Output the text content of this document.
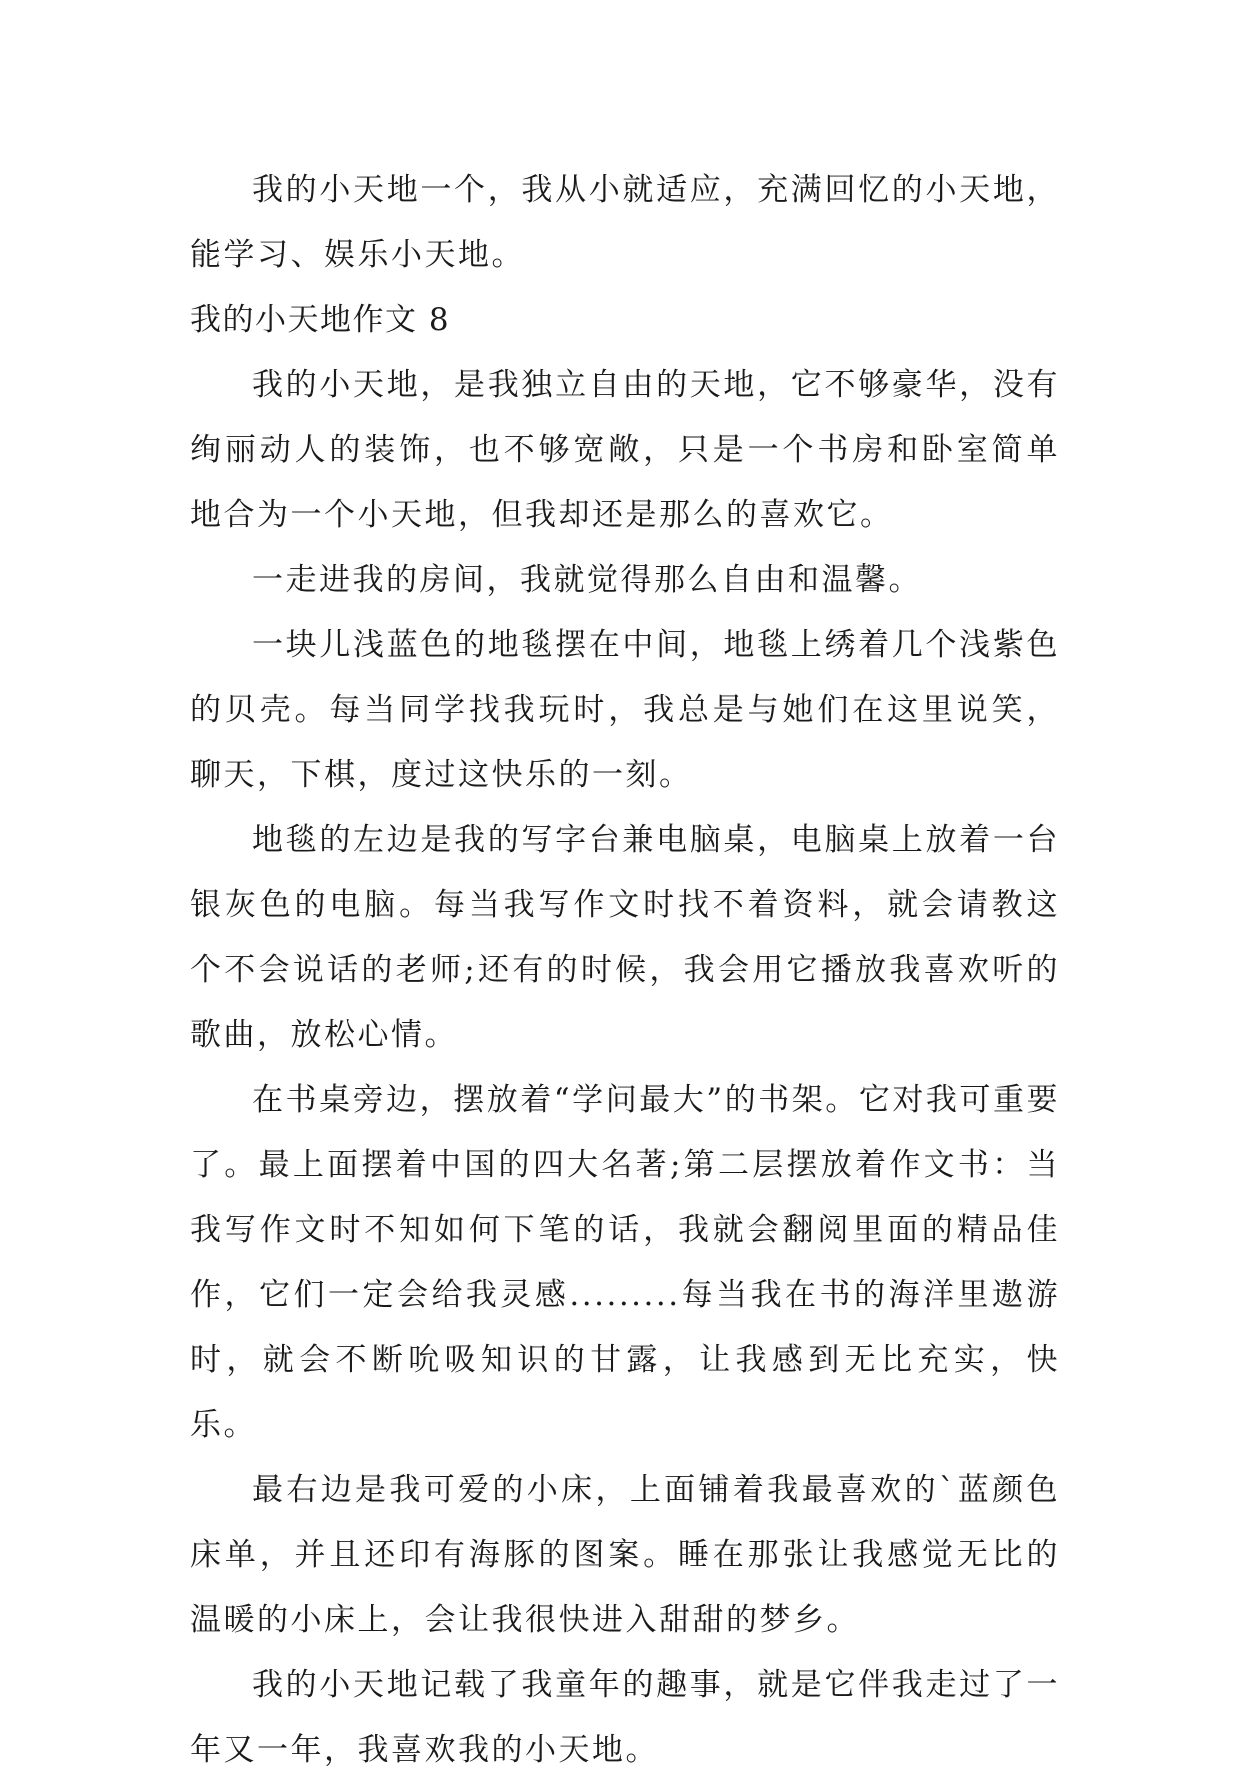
我的小天地一个，我从小就适应，充满回忆的小天地，能学习、娱乐小天地。

我的小天地作文 8

我的小天地，是我独立自由的天地，它不够豪华，没有绚丽动人的装饰，也不够宽敞，只是一个书房和卧室简单地合为一个小天地，但我却还是那么的喜欢它。

一走进我的房间，我就觉得那么自由和温馨。

一块儿浅蓝色的地毯摆在中间，地毯上绣着几个浅紫色的贝壳。每当同学找我玩时，我总是与她们在这里说笑，聊天，下棋，度过这快乐的一刻。

地毯的左边是我的写字台兼电脑桌，电脑桌上放着一台银灰色的电脑。每当我写作文时找不着资料，就会请教这个不会说话的老师;还有的时候，我会用它播放我喜欢听的歌曲，放松心情。

在书桌旁边，摆放着“学问最大”的书架。它对我可重要了。最上面摆着中国的四大名著;第二层摆放着作文书：当我写作文时不知如何下笔的话，我就会翻阅里面的精品佳作，它们一定会给我灵感.........每当我在书的海洋里遨游时，就会不断吮吸知识的甘露，让我感到无比充实，快乐。

最右边是我可爱的小床，上面铺着我最喜欢的`蓝颜色床单，并且还印有海豚的图案。睡在那张让我感觉无比的温暖的小床上，会让我很快进入甜甜的梦乡。

我的小天地记载了我童年的趣事，就是它伴我走过了一年又一年，我喜欢我的小天地。
